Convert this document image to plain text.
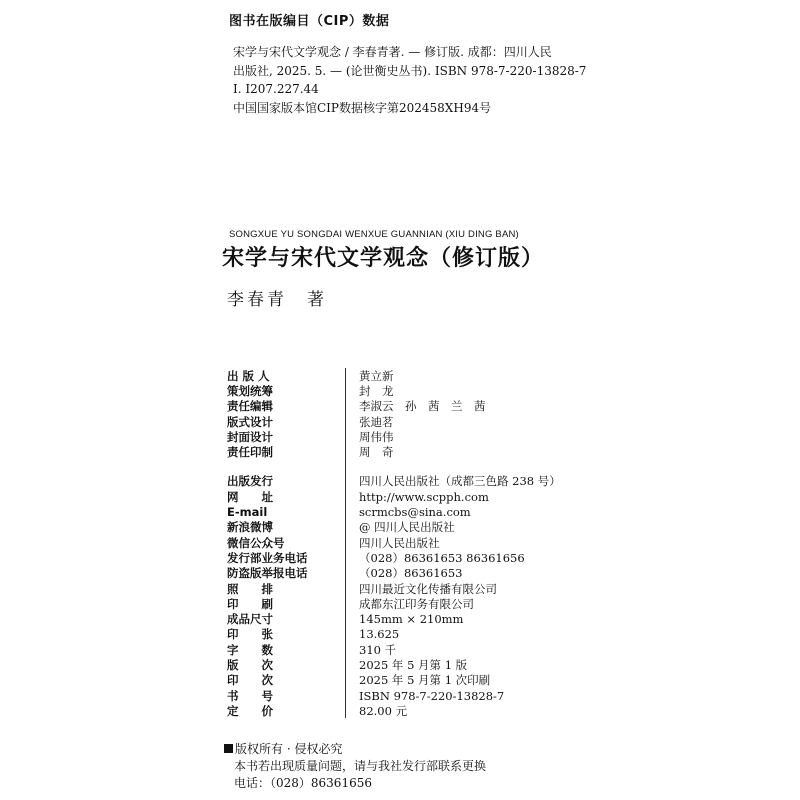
图书在版编目（CIP）数据
宋学与宋代文学观念 / 李春青著. — 修订版. 成都：四川人民
出版社, 2025. 5. — (论世衡史丛书). ISBN 978-7-220-13828-7
Ⅰ. I207.227.44
中国国家版本馆CIP数据核字第202458XH94号
SONGXUE YU SONGDAI WENXUE GUANNIAN (XIU DING BAN)
宋学与宋代文学观念（修订版）
李春青 著
出 版 人	黄立新
策划统筹	封　龙
责任编辑	李淑云　孙　茜　兰　茜
版式设计	张迪茗
封面设计	周伟伟
责任印制	周　奇
出版发行	四川人民出版社（成都三色路 238 号）
网　　址	http://www.scpph.com
E-mail	scrmcbs@sina.com
新浪微博	@ 四川人民出版社
微信公众号	四川人民出版社
发行部业务电话	（028）86361653 86361656
防盗版举报电话	（028）86361653
照　　排	四川最近文化传播有限公司
印　　刷	成都东江印务有限公司
成品尺寸	145mm × 210mm
印　　张	13.625
字　　数	310 千
版　　次	2025 年 5 月第 1 版
印　　次	2025 年 5 月第 1 次印刷
书　　号	ISBN 978-7-220-13828-7
定　　价	82.00 元
版权所有 · 侵权必究
本书若出现质量问题，请与我社发行部联系更换
电话：（028）86361656
